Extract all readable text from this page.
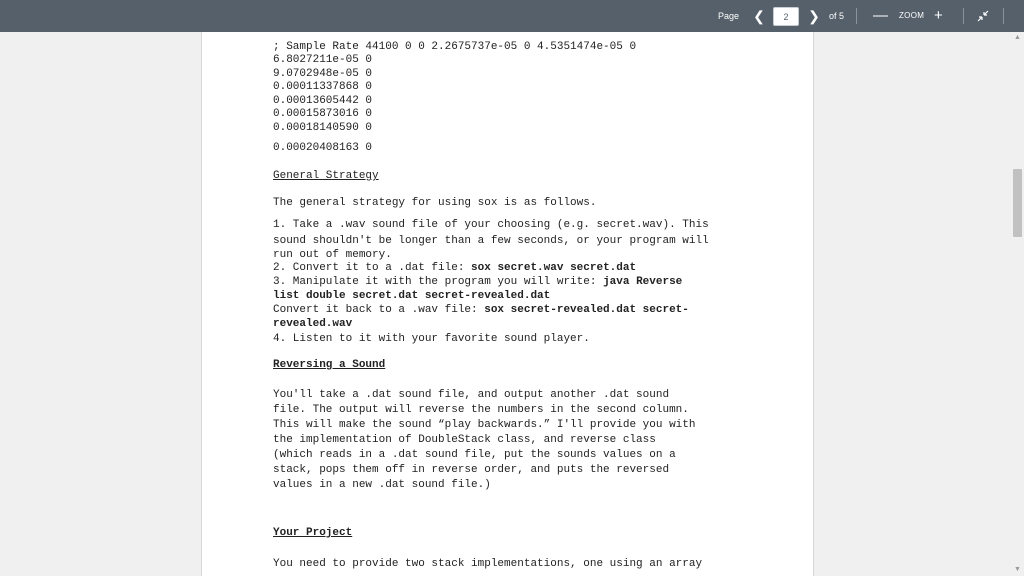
Page ❮
2	❯ of 5 — ZOOM +
; Sample Rate 44100 0 0 2.2675737e-05 0 4.5351474e-05 0
6.8027211e-05 0
9.0702948e-05 0
0.00011337868 0
0.00013605442 0
0.00015873016 0
0.00018140590 0
0.00020408163 0
General Strategy
The general strategy for using sox is as follows.
1. Take a .wav sound file of your choosing (e.g. secret.wav). This
sound shouldn't be longer than a few seconds, or your program will
run out of memory.
2. Convert it to a .dat file: sox secret.wav secret.dat
3. Manipulate it with the program you will write: java Reverse
list double secret.dat secret-revealed.dat
Convert it back to a .wav file: sox secret-revealed.dat secret-
revealed.wav
4. Listen to it with your favorite sound player.
Reversing a Sound
You'll take a .dat sound file, and output another .dat sound
file. The output will reverse the numbers in the second column.
This will make the sound “play backwards.” I'll provide you with
the implementation of DoubleStack class, and reverse class
(which reads in a .dat sound file, put the sounds values on a
stack, pops them off in reverse order, and puts the reversed
values in a new .dat sound file.)
Your Project
You need to provide two stack implementations, one using an array
▲
▼
